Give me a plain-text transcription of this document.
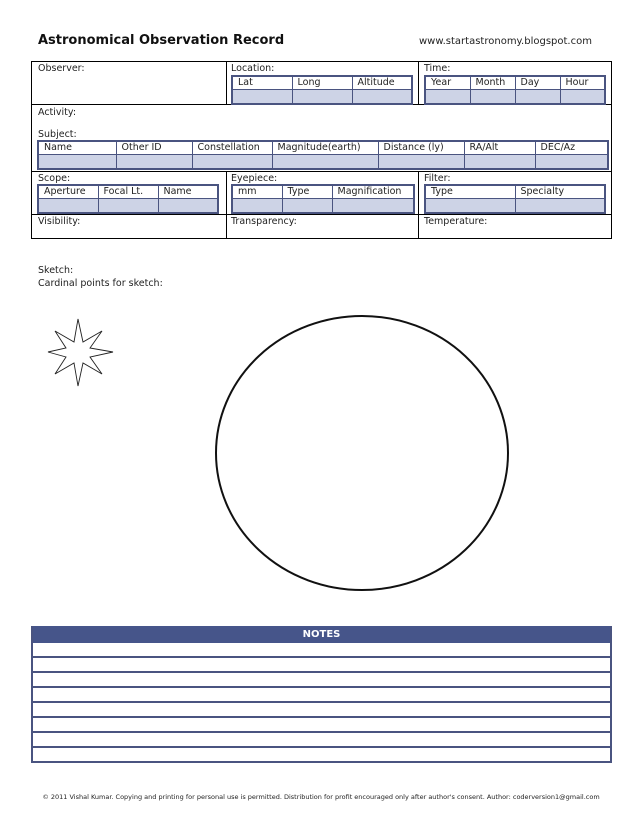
Astronomical Observation Record	www.startastronomy.blogspot.com
Observer:	Location:
Lat	Long	Altitude

Time:
Year	Month	Day	Hour

Activity:
Subject:
Name	Other ID	Constellation	Magnitude(earth)	Distance (ly)	RA/Alt	DEC/Az

Scope:
Aperture	Focal Lt.	Name

Eyepiece:
mm	Type	Magnification

Filter:
Type	Specialty

Visibility:	Transparency:	Temperature:
Sketch:
Cardinal points for sketch:
NOTES
© 2011 Vishal Kumar. Copying and printing for personal use is permitted. Distribution for profit encouraged only after author's consent. Author: coderversion1@gmail.com
